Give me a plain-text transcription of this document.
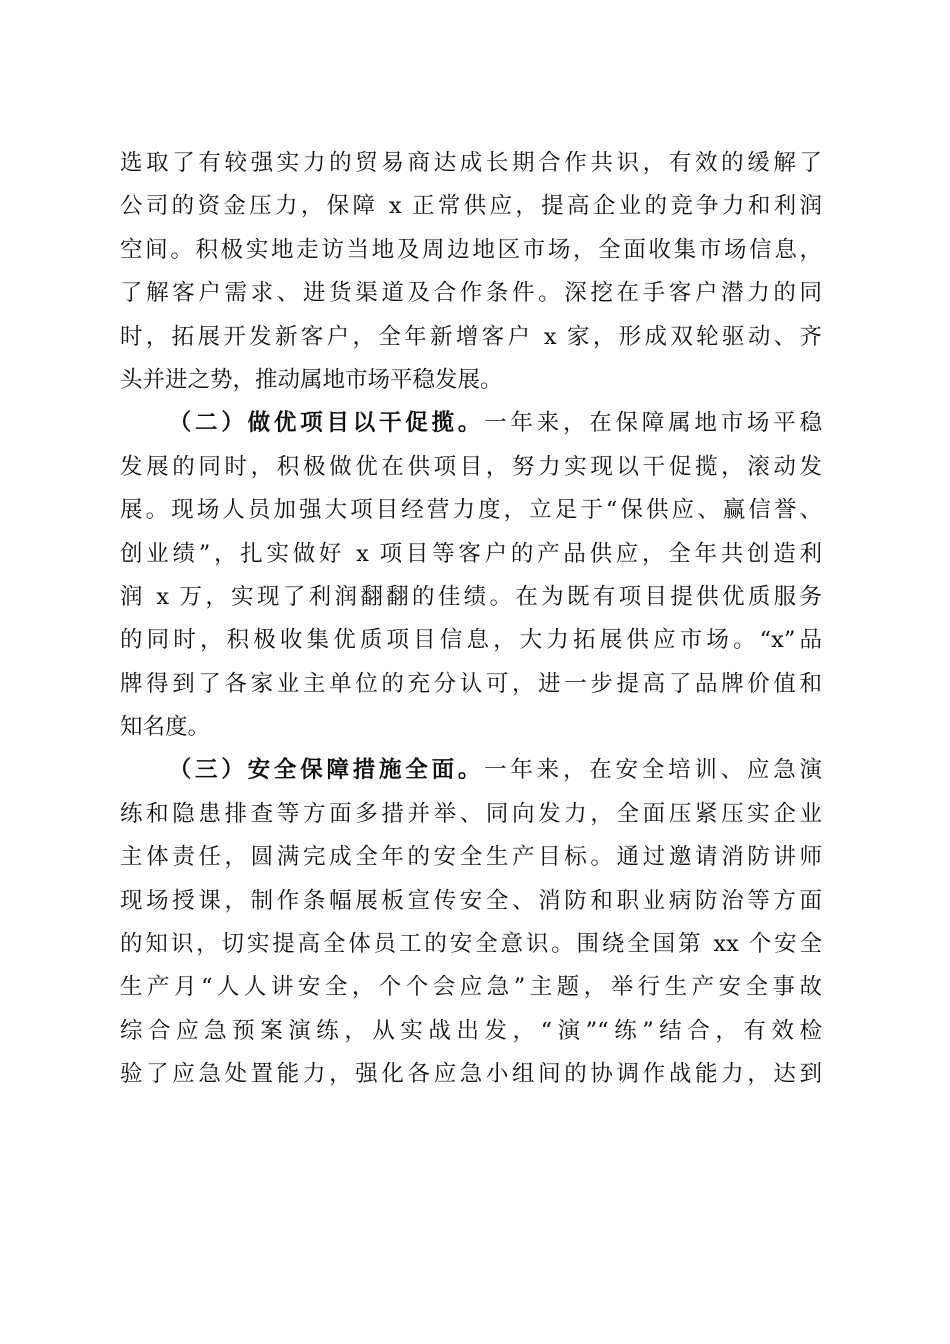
选取了有较强实力的贸易商达成长期合作共识，有效的缓解了
公司的资金压力，保障 x 正常供应，提高企业的竞争力和利润
空间。积极实地走访当地及周边地区市场，全面收集市场信息，
了解客户需求、进货渠道及合作条件。深挖在手客户潜力的同
时，拓展开发新客户，全年新增客户 x 家，形成双轮驱动、齐
头并进之势，推动属地市场平稳发展。
（二）做优项目以干促揽。一年来，在保障属地市场平稳
发展的同时，积极做优在供项目，努力实现以干促揽，滚动发
展。现场人员加强大项目经营力度，立足于“保供应、赢信誉、
创业绩”，扎实做好 x 项目等客户的产品供应，全年共创造利
润 x 万，实现了利润翻翻的佳绩。在为既有项目提供优质服务
的同时，积极收集优质项目信息，大力拓展供应市场。“x”品
牌得到了各家业主单位的充分认可，进一步提高了品牌价值和
知名度。
（三）安全保障措施全面。一年来，在安全培训、应急演
练和隐患排查等方面多措并举、同向发力，全面压紧压实企业
主体责任，圆满完成全年的安全生产目标。通过邀请消防讲师
现场授课，制作条幅展板宣传安全、消防和职业病防治等方面
的知识，切实提高全体员工的安全意识。围绕全国第 xx 个安全
生产月“人人讲安全，个个会应急”主题，举行生产安全事故
综合应急预案演练，从实战出发，“演”“练”结合，有效检
验了应急处置能力，强化各应急小组间的协调作战能力，达到
